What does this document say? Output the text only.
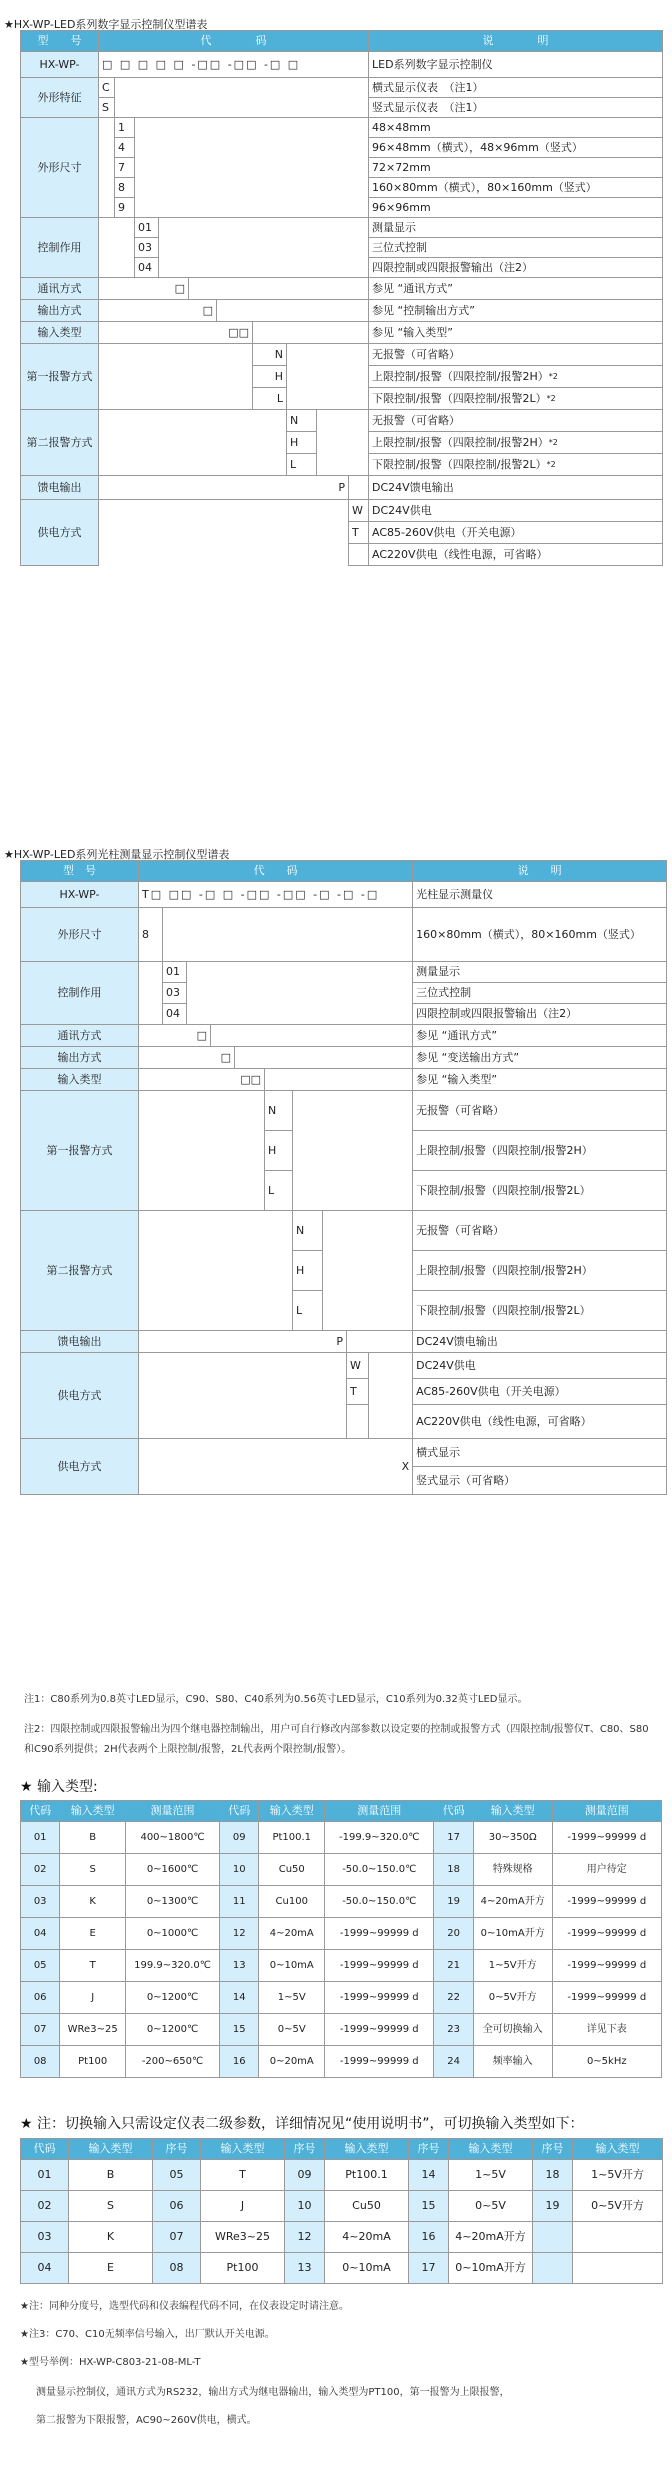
★HX-WP-LED系列数字显示控制仪型谱表
型　　号	代　　　　码										说　　　　明
HX-WP-	□ □ □ □ □ -□□ -□□ -□ □										LED系列数字显示控制仪
外形特征	C										横式显示仪表　（注1）
	S										竖式显示仪表　（注1）
外形尺寸		1									48×48mm
		4									96×48mm（横式），48×96mm（竖式）
		7									72×72mm
		8									160×80mm（横式），80×160mm（竖式）
		9									96×96mm
控制作用			01								测量显示
			03								三位式控制
			04								四限控制或四限报警输出（注2）
通讯方式	□										参见 “通讯方式”
输出方式	□										参见 “控制输出方式”
输入类型	□□										参见 “输入类型”
第一报警方式							N				无报警（可省略）
							H				上限控制/报警（四限控制/报警2H）$^{*2}$
							L				下限控制/报警（四限控制/报警2L）$^{*2}$
第二报警方式								N			无报警（可省略）
								H			上限控制/报警（四限控制/报警2H）$^{*2}$
								L			下限控制/报警（四限控制/报警2L）$^{*2}$
馈电输出	P										DC24V馈电输出
供电方式										W	DC24V供电
										T	AC85-260V供电（开关电源）
											AC220V供电（线性电源，可省略）
★HX-WP-LED系列光柱测量显示控制仪型谱表
型　号	代　　码										说　　明
HX-WP-	T□ □□ -□ □ -□□ -□□ -□ -□ -□										光柱显示测量仪
外形尺寸	8										160×80mm（横式），80×160mm（竖式）
控制作用		01									测量显示
		03									三位式控制
		04									四限控制或四限报警输出（注2）
通讯方式	□										参见 “通讯方式”
输出方式	□										参见 “变送输出方式”
输入类型	□□										参见 “输入类型”
第一报警方式						N					无报警（可省略）
						H					上限控制/报警（四限控制/报警2H）
						L					下限控制/报警（四限控制/报警2L）
第二报警方式							N				无报警（可省略）
							H				上限控制/报警（四限控制/报警2H）
							L				下限控制/报警（四限控制/报警2L）
馈电输出	P										DC24V馈电输出
供电方式									W		DC24V供电
									T		AC85-260V供电（开关电源）
											AC220V供电（线性电源，可省略）
供电方式	X										横式显示
											竖式显示（可省略）
注1：C80系列为0.8英寸LED显示，C90、S80、C40系列为0.56英寸LED显示，C10系列为0.32英寸LED显示。
注2：四限控制或四限报警输出为四个继电器控制输出，用户可自行修改内部参数以设定要的控制或报警方式（四限控制/报警仅T、C80、S80和C90系列提供；2H代表两个上限控制/报警，2L代表两个限控制/报警）。
★ 输入类型:
代码	输入类型	测量范围	代码	输入类型	测量范围	代码	输入类型	测量范围
01	B	400~1800℃	09	Pt100.1	-199.9~320.0℃	17	30~350Ω	-1999~99999 d
02	S	0~1600℃	10	Cu50	-50.0~150.0℃	18	特殊规格	用户待定
03	K	0~1300℃	11	Cu100	-50.0~150.0℃	19	4~20mA开方	-1999~99999 d
04	E	0~1000℃	12	4~20mA	-1999~99999 d	20	0~10mA开方	-1999~99999 d
05	T	199.9~320.0℃	13	0~10mA	-1999~99999 d	21	1~5V开方	-1999~99999 d
06	J	0~1200℃	14	1~5V	-1999~99999 d	22	0~5V开方	-1999~99999 d
07	WRe3~25	0~1200℃	15	0~5V	-1999~99999 d	23	全可切换输入	详见下表
08	Pt100	-200~650℃	16	0~20mA	-1999~99999 d	24	频率输入	0~5kHz
★ 注：切换输入只需设定仪表二级参数，详细情况见“使用说明书”，可切换输入类型如下：
代码	输入类型	序号	输入类型	序号	输入类型	序号	输入类型	序号	输入类型
01	B	05	T	09	Pt100.1	14	1~5V	18	1~5V开方
02	S	06	J	10	Cu50	15	0~5V	19	0~5V开方
03	K	07	WRe3~25	12	4~20mA	16	4~20mA开方		
04	E	08	Pt100	13	0~10mA	17	0~10mA开方		
★注：同种分度号，选型代码和仪表编程代码不同，在仪表设定时请注意。
★注3：C70、C10无频率信号输入，出厂默认开关电源。
★型号举例：HX-WP-C803-21-08-ML-T
测量显示控制仪，通讯方式为RS232，输出方式为继电器输出，输入类型为PT100，第一报警为上限报警，
第二报警为下限报警，AC90~260V供电，横式。
